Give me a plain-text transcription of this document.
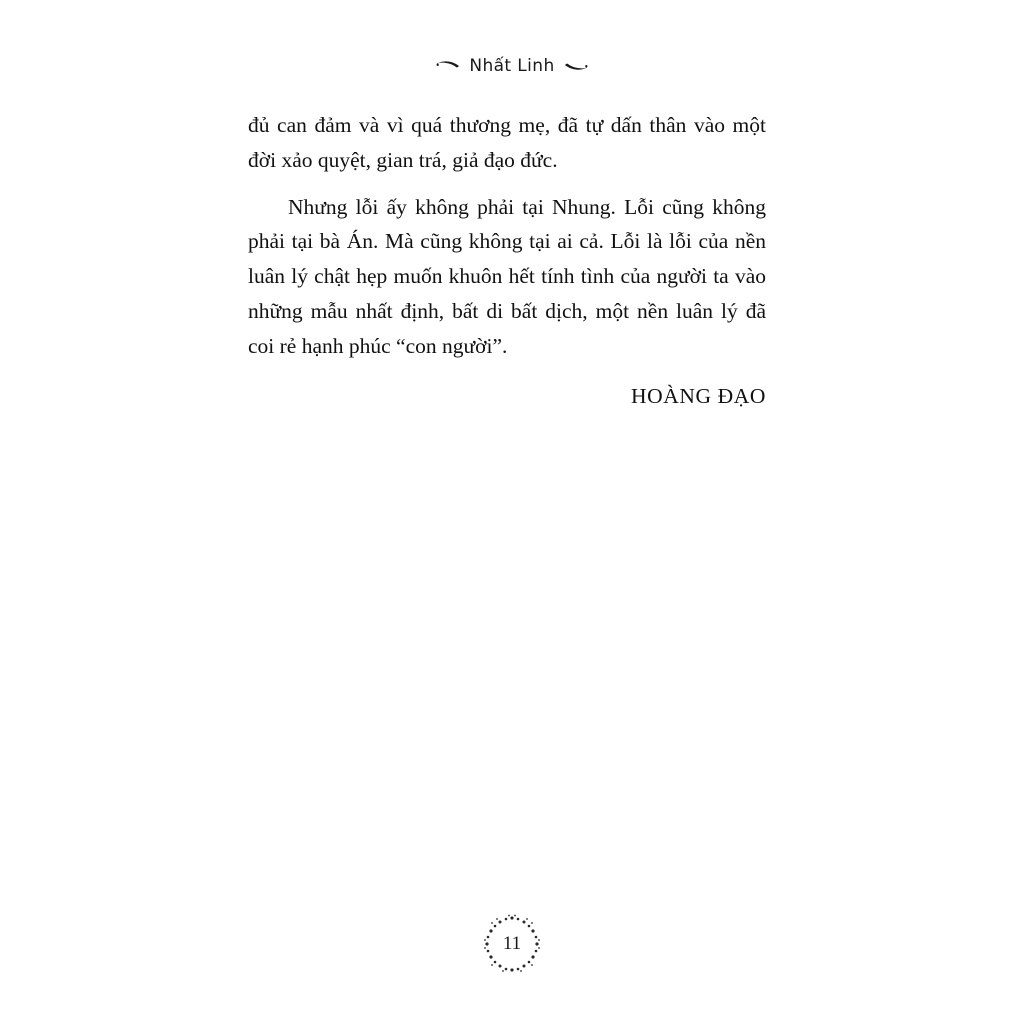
Nhất Linh

đủ can đảm và vì quá thương mẹ, đã tự dấn thân vào một đời xảo quyệt, gian trá, giả đạo đức.

Nhưng lỗi ấy không phải tại Nhung. Lỗi cũng không phải tại bà Án. Mà cũng không tại ai cả. Lỗi là lỗi của nền luân lý chật hẹp muốn khuôn hết tính tình của người ta vào những mẫu nhất định, bất di bất dịch, một nền luân lý đã coi rẻ hạnh phúc “con người”.

HOÀNG ĐẠO
11
